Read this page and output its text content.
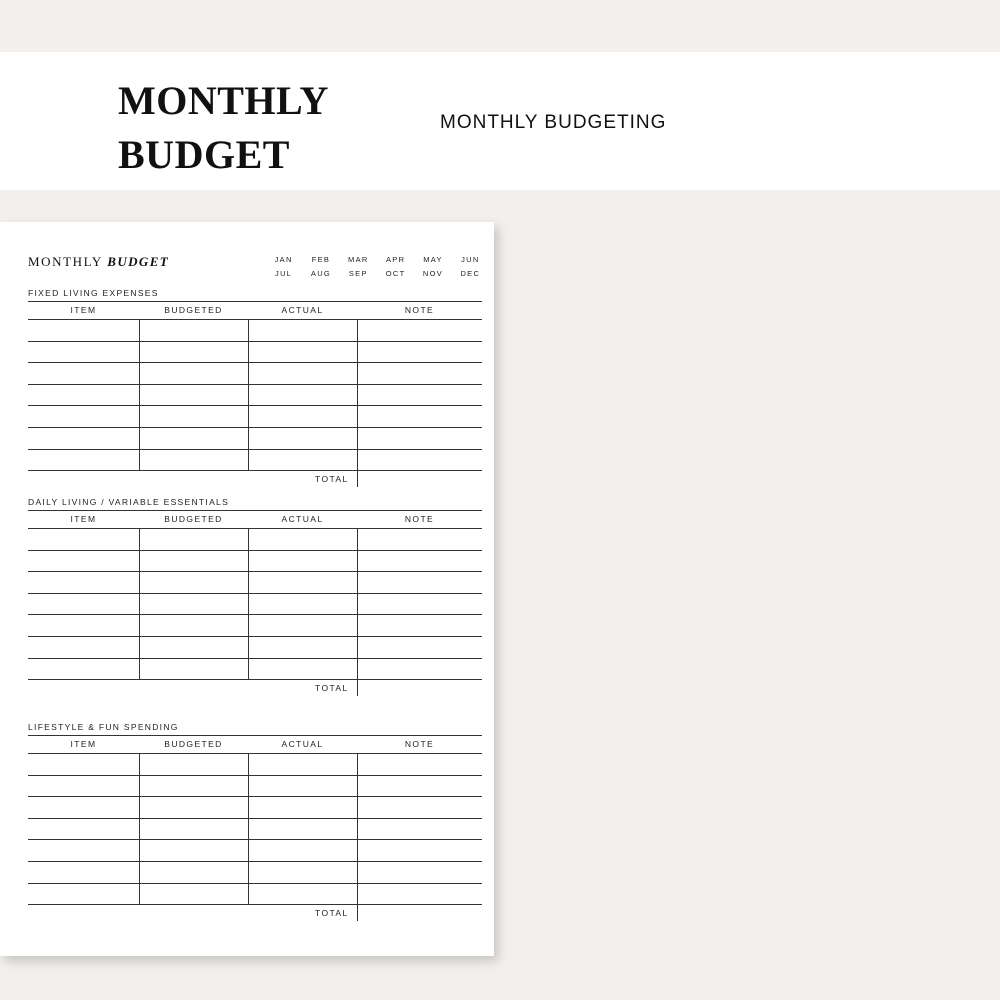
MONTHLY
BUDGET
MONTHLY BUDGETING
MONTHLY BUDGET	JAN	FEB	MAR	APR	MAY	JUN
JUL	AUG	SEP	OCT	NOV	DEC
FIXED LIVING EXPENSES
ITEM	BUDGETED	ACTUAL	NOTE
TOTAL
DAILY LIVING / VARIABLE ESSENTIALS
ITEM	BUDGETED	ACTUAL	NOTE
TOTAL
LIFESTYLE & FUN SPENDING
ITEM	BUDGETED	ACTUAL	NOTE
TOTAL
